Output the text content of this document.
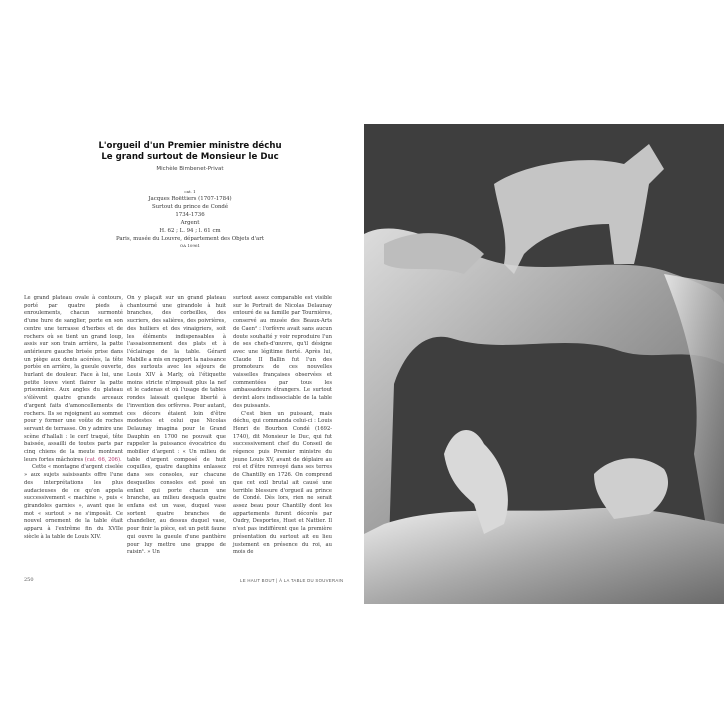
L'orgueil d'un Premier ministre déchu
Le grand surtout de Monsieur le Duc
Michèle Bimbenet-Privat
cat. 1
Jacques Roëttiers (1707-1784)
Surtout du prince de Condé
1734-1736
Argent
H. 62 ; L. 94 ; l. 61 cm
Paris, musée du Louvre, département des Objets d'art
OA 10961

Le grand plateau ovale à contours, porté par quatre pieds à enroulements, chacun surmonté d'une hure de sanglier, porte en son centre une terrasse d'herbes et de rochers où se tient un grand loup, assis sur son train arrière, la patte antérieure gauche brisée prise dans un piège aux dents acérées, la tête portée en arrière, la gueule ouverte, hurlant de douleur. Face à lui, une petite louve vient flairer la patte prisonnière. Aux angles du plateau s'élèvent quatre grands arceaux d'argent faits d'amoncellements de rochers. Ils se rejoignent au sommet pour y former une voûte de roches servant de terrasse. On y admire une scène d'hallali : le cerf traqué, tête baissée, assailli de toutes parts par cinq chiens de la meute montrant leurs fortes mâchoires (cat. 66, 206).

Cette « montagne d'argent ciselée » aux sujets saisissants offre l'une des interprétations les plus audacieuses de ce qu'on appela successivement « machine », puis « girandoles garnies », avant que le mot « surtout » ne s'imposât. Ce nouvel ornement de la table était apparu à l'extrême fin du XVIIe siècle à la table de Louis XIV.

On y plaçait sur un grand plateau chantourné une girandole à huit branches, des corbeilles, des sucriers, des salières, des poivrières, des huiliers et des vinaigriers, soit les éléments indispensables à l'assaisonnement des plats et à l'éclairage de la table. Gérard Mabille a mis en rapport la naissance des surtouts avec les séjours de Louis XIV à Marly, où l'étiquette moins stricte n'imposait plus la nef et le cadenas et où l'usage de tables rondes laissait quelque liberté à l'invention des orfèvres. Pour autant, ces décors étaient loin d'être modestes et celui que Nicolas Delaunay imagina pour le Grand Dauphin en 1700 ne pouvait que rappeler la puissance évocatrice du mobilier d'argent : « Un milieu de table d'argent composé de huit coquilles, quatre dauphins enlassez dans ses consoles, sur chacune desquelles consoles est posé un enfant qui porte chacun une branche, au milieu desquels quatre enfans est un vase, duquel vase sortent quatre branches de chandelier, au dessus duquel vase, pour finir la pièce, est un petit faune qui ouvre la gueule d'une panthère pour luy mettre une grappe de raisin¹. » Un

surtout assez comparable est visible sur le Portrait de Nicolas Delaunay entouré de sa famille par Tournières, conservé au musée des Beaux-Arts de Caen² : l'orfèvre avait sans aucun doute souhaité y voir reproduire l'un de ses chefs-d'œuvre, qu'il désigne avec une légitime fierté. Après lui, Claude II Ballin fut l'un des promoteurs de ces nouvelles vaisselles françaises observées et commentées par tous les ambassadeurs étrangers. Le surtout devint alors indissociable de la table des puissants.

C'est bien un puissant, mais déchu, qui commanda celui-ci : Louis Henri de Bourbon Condé (1692-1740), dit Monsieur le Duc, qui fut successivement chef du Conseil de régence puis Premier ministre du jeune Louis XV, avant de déplaire au roi et d'être renvoyé dans ses terres de Chantilly en 1726. On comprend que cet exil brutal ait causé une terrible blessure d'orgueil au prince de Condé. Dès lors, rien ne serait assez beau pour Chantilly dont les appartements furent décorés par Oudry, Desportes, Huet et Nattier. Il n'est pas indifférent que la première présentation du surtout ait eu lieu justement en présence du roi, au mois de

250	LE HAUT BOUT | À LA TABLE DU SOUVERAIN
